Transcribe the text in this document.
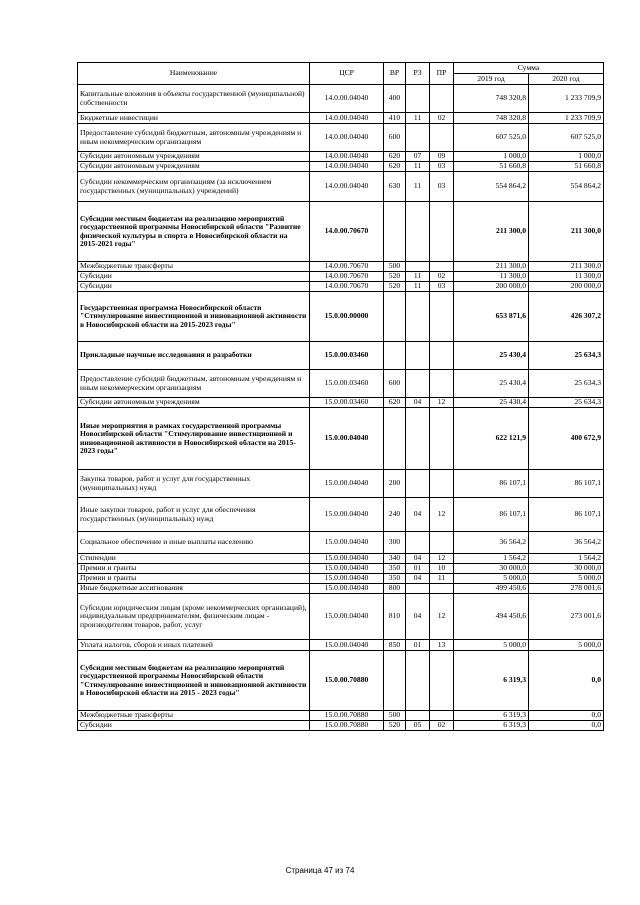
Наименование	ЦСР	ВР	РЗ	ПР	Сумма	
					2019 год	2020 год
Капитальные вложения в объекты государственной (муниципальной) собственности	14.0.00.04040	400			748 320,8	1 233 709,9
Бюджетные инвестиции	14.0.00.04040	410	11	02	748 320,8	1 233 709,9
Предоставление субсидий бюджетным, автономным учреждениям и иным некоммерческим организациям	14.0.00.04040	600			607 525,0	607 525,0
Субсидии автономным учреждениям	14.0.00.04040	620	07	09	1 000,0	1 000,0
Субсидии автономным учреждениям	14.0.00.04040	620	11	03	51 660,8	51 660,8
Субсидии некоммерческим организациям (за исключением государственных (муниципальных) учреждений)	14.0.00.04040	630	11	03	554 864,2	554 864,2
Субсидии местным бюджетам на реализацию мероприятий государственной программы Новосибирской области "Развитие физической культуры и спорта в Новосибирской области на 2015-2021 годы"	14.0.00.70670				211 300,0	211 300,0
Межбюджетные трансферты	14.0.00.70670	500			211 300,0	211 300,0
Субсидии	14.0.00.70670	520	11	02	11 300,0	11 300,0
Субсидии	14.0.00.70670	520	11	03	200 000,0	200 000,0
Государственная программа Новосибирской области "Стимулирование инвестиционной и инновационной активности в Новосибирской области на 2015-2023 годы"	15.0.00.00000				653 871,6	426 307,2
Прикладные научные исследования и разработки	15.0.00.03460				25 430,4	25 634,3
Предоставление субсидий бюджетным, автономным учреждениям и иным некоммерческим организациям	15.0.00.03460	600			25 430,4	25 634,3
Субсидии автономным учреждениям	15.0.00.03460	620	04	12	25 430,4	25 634,3
Иные мероприятия в рамках государственной программы Новосибирской области "Стимулирование инвестиционной и инновационной активности в Новосибирской области на 2015-2023 годы"	15.0.00.04040				622 121,9	400 672,9
Закупка товаров, работ и услуг для государственных (муниципальных) нужд	15.0.00.04040	200			86 107,1	86 107,1
Иные закупки товаров, работ и услуг для обеспечения государственных (муниципальных) нужд	15.0.00.04040	240	04	12	86 107,1	86 107,1
Социальное обеспечение и иные выплаты населению	15.0.00.04040	300			36 564,2	36 564,2
Стипендии	15.0.00.04040	340	04	12	1 564,2	1 564,2
Премии и гранты	15.0.00.04040	350	01	10	30 000,0	30 000,0
Премии и гранты	15.0.00.04040	350	04	11	5 000,0	5 000,0
Иные бюджетные ассигнования	15.0.00.04040	800			499 450,6	278 001,6
Субсидии юридическим лицам (кроме некоммерческих организаций), индивидуальным предпринимателям, физическим лицам - производителям товаров, работ, услуг	15.0.00.04040	810	04	12	494 450,6	273 001,6
Уплата налогов, сборов и иных платежей	15.0.00.04040	850	01	13	5 000,0	5 000,0
Субсидии местным бюджетам на реализацию мероприятий государственной программы Новосибирской области "Стимулирование инвестиционной и инновационной активности в Новосибирской области на 2015 - 2023 годы"	15.0.00.70880				6 319,3	0,0
Межбюджетные трансферты	15.0.00.70880	500			6 319,3	0,0
Субсидии	15.0.00.70880	520	05	02	6 319,3	0,0
Страница 47 из 74
